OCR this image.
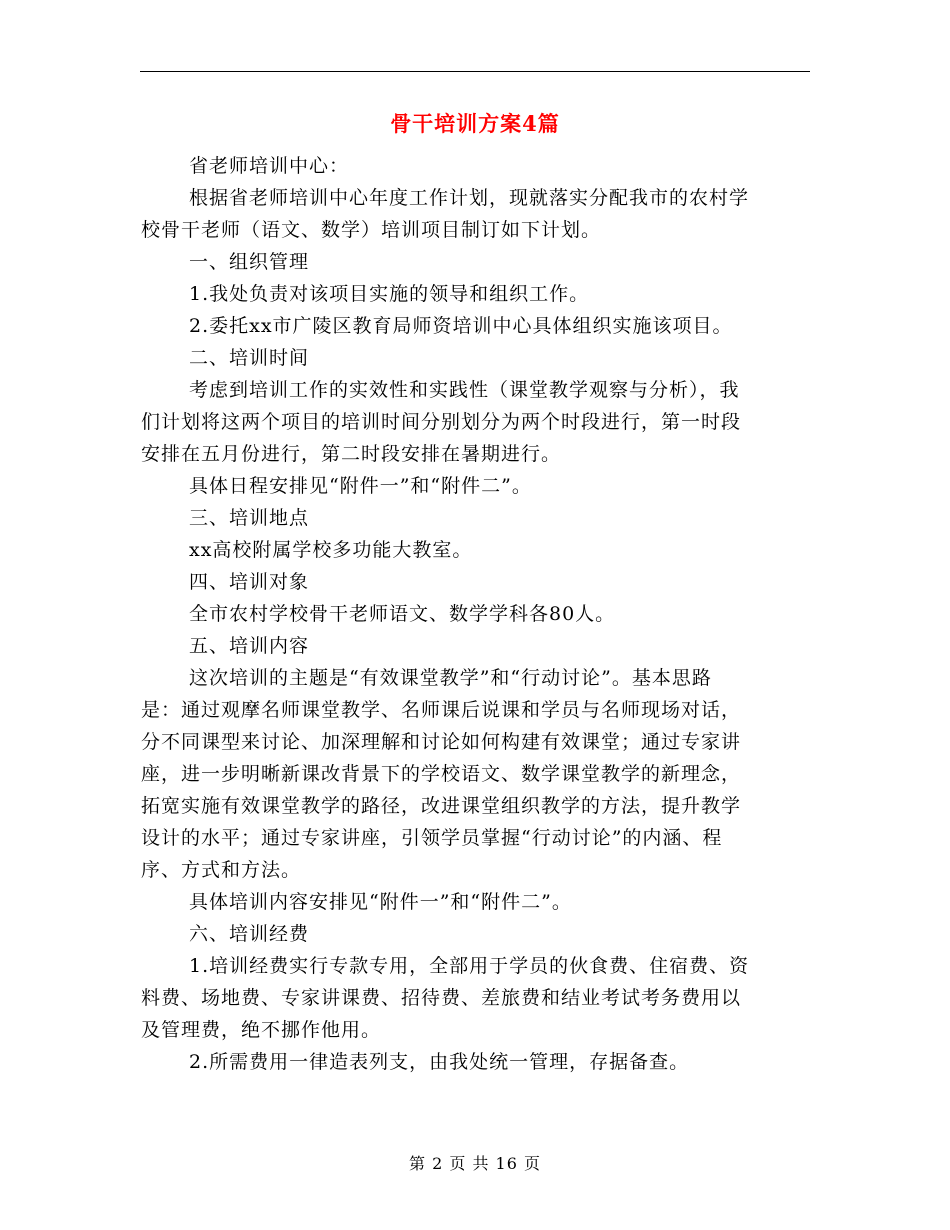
骨干培训方案4篇
省老师培训中心：
根据省老师培训中心年度工作计划，现就落实分配我市的农村学
校骨干老师（语文、数学）培训项目制订如下计划。
一、组织管理
1.我处负责对该项目实施的领导和组织工作。
2.委托xx市广陵区教育局师资培训中心具体组织实施该项目。
二、培训时间
考虑到培训工作的实效性和实践性（课堂教学观察与分析），我
们计划将这两个项目的培训时间分别划分为两个时段进行，第一时段
安排在五月份进行，第二时段安排在暑期进行。
具体日程安排见“附件一”和“附件二”。
三、培训地点
xx高校附属学校多功能大教室。
四、培训对象
全市农村学校骨干老师语文、数学学科各80人。
五、培训内容
这次培训的主题是“有效课堂教学”和“行动讨论”。基本思路
是：通过观摩名师课堂教学、名师课后说课和学员与名师现场对话，
分不同课型来讨论、加深理解和讨论如何构建有效课堂；通过专家讲
座，进一步明晰新课改背景下的学校语文、数学课堂教学的新理念，
拓宽实施有效课堂教学的路径，改进课堂组织教学的方法，提升教学
设计的水平；通过专家讲座，引领学员掌握“行动讨论”的内涵、程
序、方式和方法。
具体培训内容安排见“附件一”和“附件二”。
六、培训经费
1.培训经费实行专款专用，全部用于学员的伙食费、住宿费、资
料费、场地费、专家讲课费、招待费、差旅费和结业考试考务费用以
及管理费，绝不挪作他用。
2.所需费用一律造表列支，由我处统一管理，存据备查。
第 2 页 共 16 页
